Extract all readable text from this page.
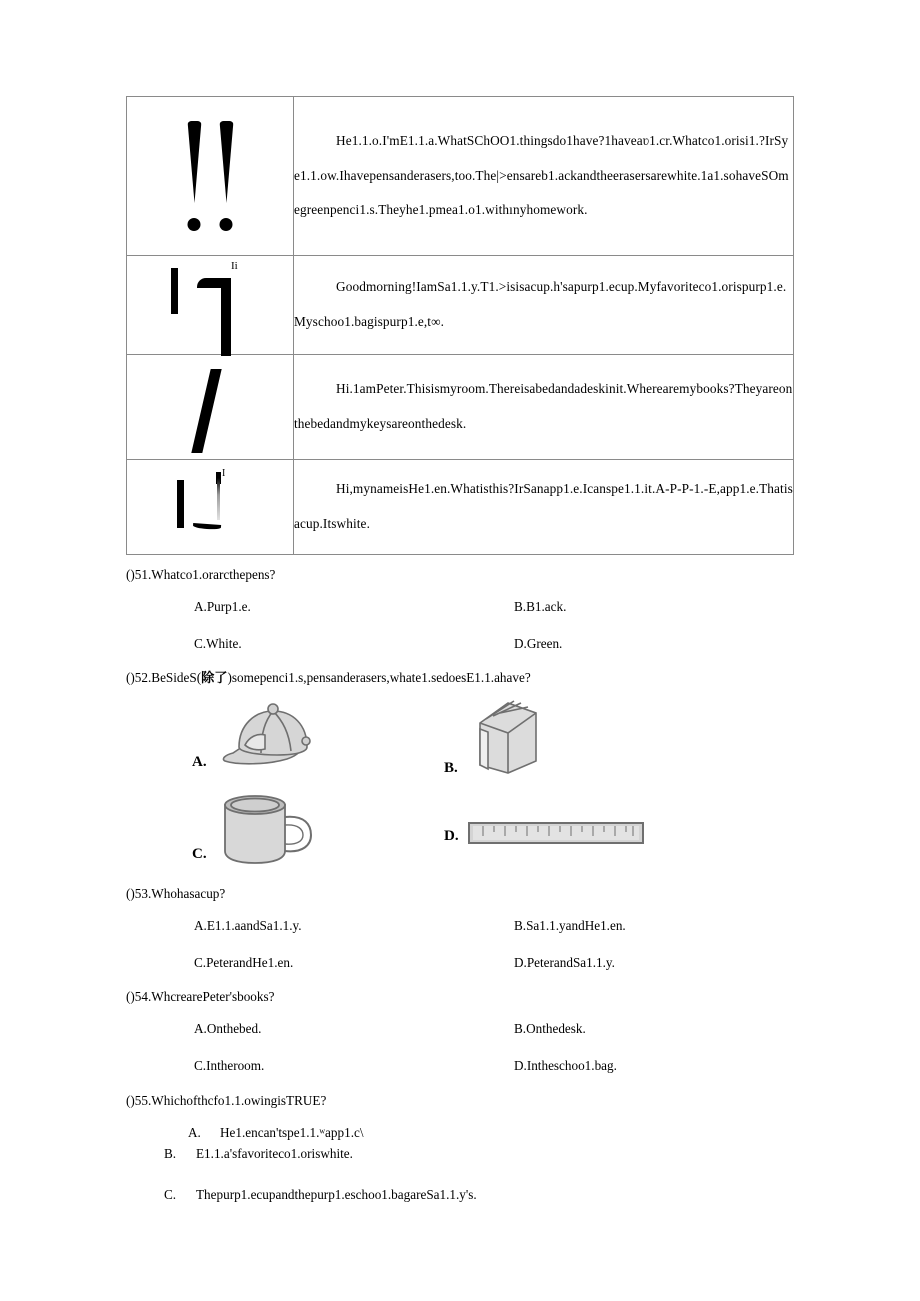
	He1.1.o.I'mE1.1.a.WhatSChOO1.thingsdo1have?1haveaʋ1.cr.Whatco1.orisi1.?IrSye1.1.ow.Ihavepensanderasers,too.The|>ensareb1.ackandtheerasersarewhite.1a1.sohaveSOmegreenpenci1.s.Theyhe1.pmea1.o1.withınyhomework.

Ii	Goodmorning!IamSa1.1.y.T1.>isisacup.h'sapurp1.ecup.Myfavoriteco1.orispurp1.e.Myschoo1.bagispurp1.e,t∞.

	Hi.1amPeter.Thisismyroom.Thereisabedandadeskinit.Wherearemybooks?Theyareonthebedandmykeysareonthedesk.

I	Hi,mynameisHe1.en.Whatisthis?IrSanapp1.e.Icanspe1.1.it.A-P-P-1.-E,app1.e.Thatisacup.Itswhite.

()51.Whatco1.orarcthepens?

A.Purp1.e.	B.B1.ack.
C.White.	D.Green.

()52.BeSideS(除了)somepenci1.s,pensanderasers,whate1.sedoesE1.1.ahave?

A.	B.
C.
D.

()53.Whohasacup?

A.E1.1.aandSa1.1.y.	B.Sa1.1.yandHe1.en.
C.PeterandHe1.en.	D.PeterandSa1.1.y.

()54.WhcrearePeter'sbooks?

A.Onthebed.	B.Onthedesk.
C.Intheroom.	D.Intheschoo1.bag.

()55.Whichofthcfo1.1.owingisTRUE?

A. He1.encan'tspe1.1.ʷapp1.c\
B. E1.1.a'sfavoriteco1.oriswhite.
C. Thepurp1.ecupandthepurp1.eschoo1.bagareSa1.1.y's.
